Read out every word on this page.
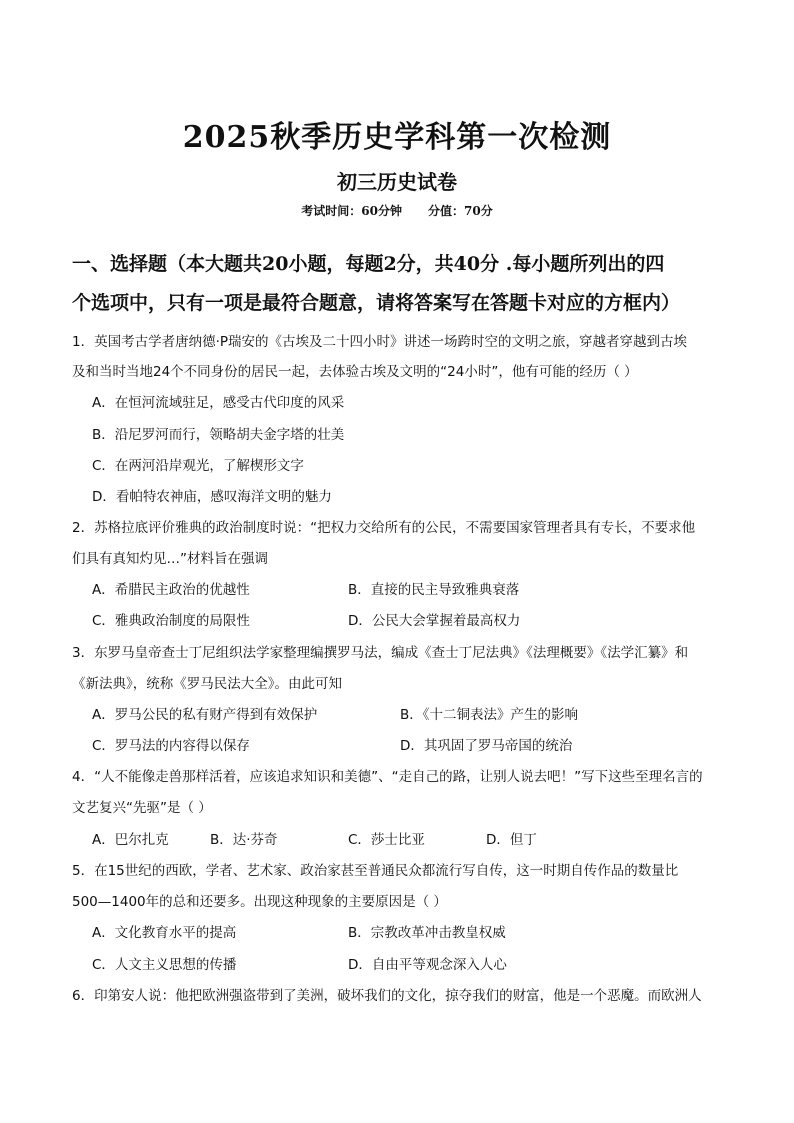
2025秋季历史学科第一次检测
初三历史试卷
考试时间：60分钟 分值：70分
一、选择题（本大题共20小题，每题2分，共40分 .每小题所列出的四
个选项中，只有一项是最符合题意，请将答案写在答题卡对应的方框内）
1．英国考古学者唐纳德·P瑞安的《古埃及二十四小时》讲述一场跨时空的文明之旅，穿越者穿越到古埃
及和当时当地24个不同身份的居民一起，去体验古埃及文明的“24小时”，他有可能的经历（ ）
A．在恒河流域驻足，感受古代印度的风采
B．沿尼罗河而行，领略胡夫金字塔的壮美
C．在两河沿岸观光，了解楔形文字
D．看帕特农神庙，感叹海洋文明的魅力
2．苏格拉底评价雅典的政治制度时说：“把权力交给所有的公民，不需要国家管理者具有专长，不要求他
们具有真知灼见…”材料旨在强调
A．希腊民主政治的优越性	B．直接的民主导致雅典衰落
C．雅典政治制度的局限性	D．公民大会掌握着最高权力
3．东罗马皇帝查士丁尼组织法学家整理编撰罗马法，编成《查士丁尼法典》《法理概要》《法学汇纂》和
《新法典》，统称《罗马民法大全》。由此可知
A．罗马公民的私有财产得到有效保护	B．《十二铜表法》产生的影响
C．罗马法的内容得以保存	D．其巩固了罗马帝国的统治
4．“人不能像走兽那样活着，应该追求知识和美德”、“走自己的路，让别人说去吧！”写下这些至理名言的
文艺复兴“先驱”是（ ）
A．巴尔扎克	B．达·芬奇	C．莎士比亚	D．但丁
5．在15世纪的西欧，学者、艺术家、政治家甚至普通民众都流行写自传，这一时期自传作品的数量比
500—1400年的总和还要多。出现这种现象的主要原因是（ ）
A．文化教育水平的提高	B．宗教改革冲击教皇权威
C．人文主义思想的传播	D．自由平等观念深入人心
6．印第安人说：他把欧洲强盗带到了美洲，破坏我们的文化，掠夺我们的财富，他是一个恶魔。而欧洲人
